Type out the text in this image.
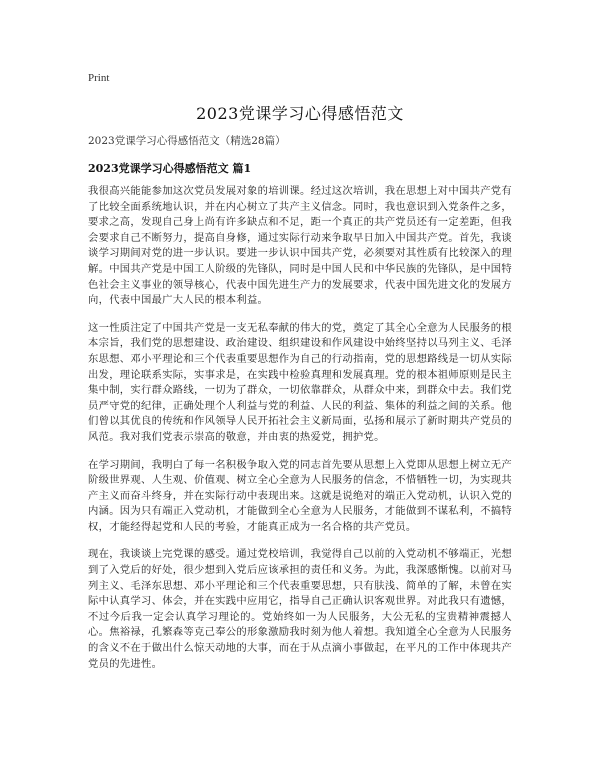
Print
2023党课学习心得感悟范文
2023党课学习心得感悟范文（精选28篇）
2023党课学习心得感悟范文 篇1

我很高兴能能参加这次党员发展对象的培训课。经过这次培训，我在思想上对中国共产党有了比较全面系统地认识，并在内心树立了共产主义信念。同时，我也意识到入党条件之多，要求之高，发现自己身上尚有许多缺点和不足，距一个真正的共产党员还有一定差距，但我会要求自己不断努力，提高自身修，通过实际行动来争取早日加入中国共产党。首先，我谈谈学习期间对党的进一步认识。要进一步认识中国共产党，必须要对其性质有比较深入的理解。中国共产党是中国工人阶级的先锋队，同时是中国人民和中华民族的先锋队，是中国特色社会主义事业的领导核心，代表中国先进生产力的发展要求，代表中国先进文化的发展方向，代表中国最广大人民的根本利益。

这一性质注定了中国共产党是一支无私奉献的伟大的党，奠定了其全心全意为人民服务的根本宗旨，我们党的思想建设、政治建设、组织建设和作风建设中始终坚持以马列主义、毛泽东思想、邓小平理论和三个代表重要思想作为自己的行动指南，党的思想路线是一切从实际出发，理论联系实际，实事求是，在实践中检验真理和发展真理。党的根本祖师原则是民主集中制，实行群众路线，一切为了群众，一切依靠群众，从群众中来，到群众中去。我们党员严守党的纪律，正确处理个人利益与党的利益、人民的利益、集体的利益之间的关系。他们曾以其优良的传统和作风领导人民开拓社会主义新局面，弘扬和展示了新时期共产党员的风范。我对我们党表示崇高的敬意，并由衷的热爱党，拥护党。

在学习期间，我明白了每一名积极争取入党的同志首先要从思想上入党即从思想上树立无产阶级世界观、人生观、价值观、树立全心全意为人民服务的信念，不惜牺牲一切，为实现共产主义而奋斗终身，并在实际行动中表现出来。这就是说绝对的端正入党动机，认识入党的内涵。因为只有端正入党动机，才能做到全心全意为人民服务，才能做到不谋私利，不搞特权，才能经得起党和人民的考验，才能真正成为一名合格的共产党员。

现在，我谈谈上完党课的感受。通过党校培训，我觉得自己以前的入党动机不够端正，光想到了入党后的好处，很少想到入党后应该承担的责任和义务。为此，我深感惭愧。以前对马列主义、毛泽东思想、邓小平理论和三个代表重要思想，只有肤浅、简单的了解，未曾在实际中认真学习、体会，并在实践中应用它，指导自己正确认识客观世界。对此我只有遗憾，不过今后我一定会认真学习理论的。党始终如一为人民服务，大公无私的宝贵精神震撼人心。焦裕禄，孔繁森等克己奉公的形象激励我时刻为他人着想。我知道全心全意为人民服务的含义不在于做出什么惊天动地的大事，而在于从点滴小事做起，在平凡的工作中体现共产党员的先进性。
